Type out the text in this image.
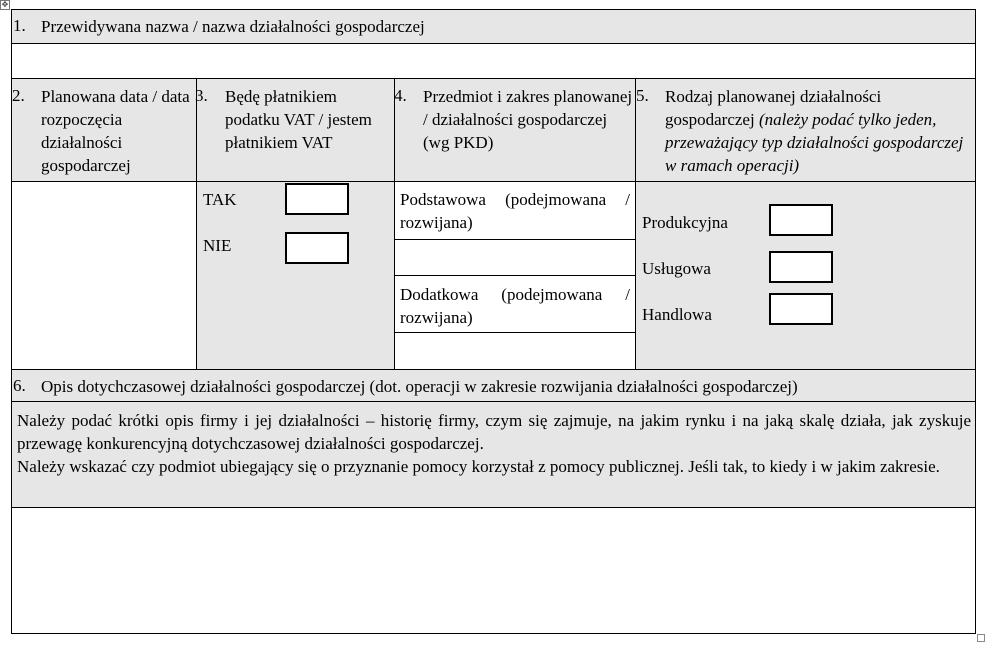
✥
1. Przewidywana nazwa / nazwa działalności gospodarczej
2. Planowana data / data rozpoczęcia działalności gospodarczej
3. Będę płatnikiem podatku VAT / jestem płatnikiem VAT
4. Przedmiot i zakres planowanej / działalności gospodarczej (wg PKD)
5. Rodzaj planowanej działalności gospodarczej (należy podać tylko jeden, przeważający typ działalności gospodarczej w ramach operacji)
TAK
NIE
Podstawowa (podejmowana / rozwijana)
Dodatkowa (podejmowana / rozwijana)
Produkcyjna
Usługowa
Handlowa
6. Opis dotychczasowej działalności gospodarczej (dot. operacji w zakresie rozwijania działalności gospodarczej)
Należy podać krótki opis firmy i jej działalności – historię firmy, czym się zajmuje, na jakim rynku i na jaką skalę działa, jak zyskuje przewagę konkurencyjną dotychczasowej działalności gospodarczej.
Należy wskazać czy podmiot ubiegający się o przyznanie pomocy korzystał z pomocy publicznej. Jeśli tak, to kiedy i w jakim zakresie.
